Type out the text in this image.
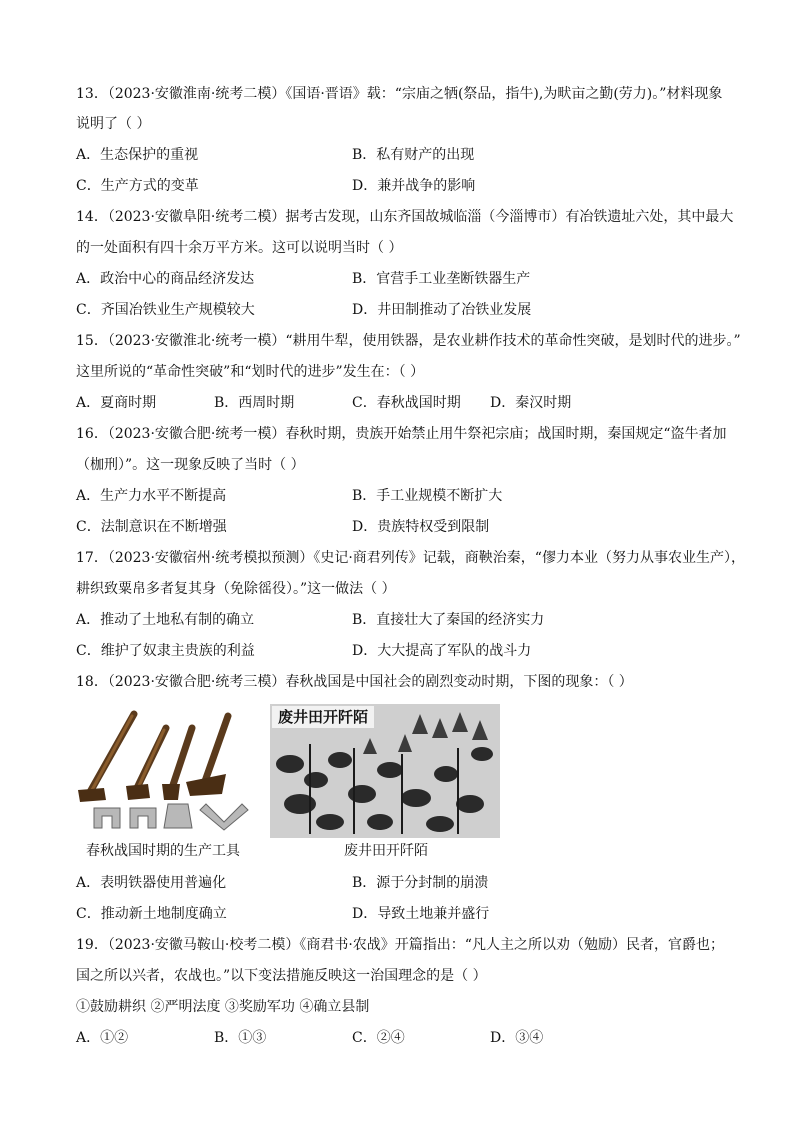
13．（2023·安徽淮南·统考二模）《国语·晋语》载：“宗庙之牺(祭品，指牛),为畎亩之勤(劳力)。”材料现象
说明了（ ）
A．生态保护的重视	B．私有财产的出现
C．生产方式的变革	D．兼并战争的影响
14．（2023·安徽阜阳·统考二模）据考古发现，山东齐国故城临淄（今淄博市）有冶铁遗址六处，其中最大
的一处面积有四十余万平方米。这可以说明当时（ ）
A．政治中心的商品经济发达	B．官营手工业垄断铁器生产
C．齐国冶铁业生产规模较大	D．井田制推动了冶铁业发展
15．（2023·安徽淮北·统考一模）“耕用牛犁，使用铁器，是农业耕作技术的革命性突破，是划时代的进步。”
这里所说的“革命性突破”和“划时代的进步”发生在：（ ）
A．夏商时期	B．西周时期	C．春秋战国时期 D．秦汉时期
16．（2023·安徽合肥·统考一模）春秋时期，贵族开始禁止用牛祭祀宗庙；战国时期，秦国规定“盗牛者加
（枷刑）”。这一现象反映了当时（ ）
A．生产力水平不断提高	B．手工业规模不断扩大
C．法制意识在不断增强	D．贵族特权受到限制
17．（2023·安徽宿州·统考模拟预测）《史记·商君列传》记载，商鞅治秦，“僇力本业（努力从事农业生产），
耕织致粟帛多者复其身（免除徭役）。”这一做法（ ）
A．推动了土地私有制的确立	B．直接壮大了秦国的经济实力
C．维护了奴隶主贵族的利益	D．大大提高了军队的战斗力
18．（2023·安徽合肥·统考三模）春秋战国是中国社会的剧烈变动时期，下图的现象：（ ）
废井田开阡陌
春秋战国时期的生产工具	废井田开阡陌
A．表明铁器使用普遍化	B．源于分封制的崩溃
C．推动新土地制度确立	D．导致土地兼并盛行
19．（2023·安徽马鞍山·校考二模）《商君书·农战》开篇指出：“凡人主之所以劝（勉励）民者，官爵也；
国之所以兴者，农战也。”以下变法措施反映这一治国理念的是（ ）
①鼓励耕织 ②严明法度 ③奖励军功 ④确立县制
A．①②	B．①③	C．②④	D．③④
